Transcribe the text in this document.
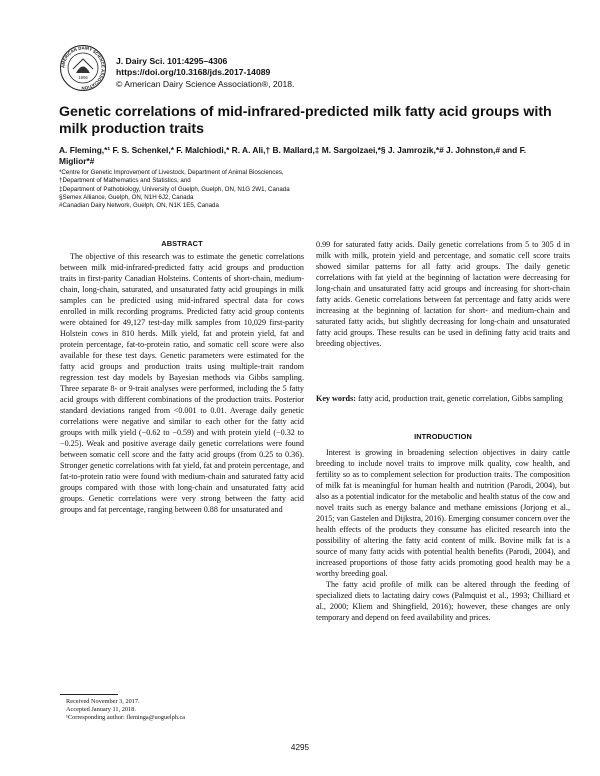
AMERICAN DAIRY SCIENCE ASSOCIATION
1906
J. Dairy Sci. 101:4295–4306
https://doi.org/10.3168/jds.2017-14089
© American Dairy Science Association®, 2018.
Genetic correlations of mid-infrared-predicted milk fatty acid groups with milk production traits
A. Fleming,*¹ F. S. Schenkel,* F. Malchiodi,* R. A. Ali,† B. Mallard,‡ M. Sargolzaei,*§ J. Jamrozik,*# J. Johnston,# and F. Miglior*#
*Centre for Genetic Improvement of Livestock, Department of Animal Biosciences,
†Department of Mathematics and Statistics, and
‡Department of Pathobiology, University of Guelph, Guelph, ON, N1G 2W1, Canada
§Semex Alliance, Guelph, ON, N1H 6J2, Canada
#Canadian Dairy Network, Guelph, ON, N1K 1E5, Canada
ABSTRACT

The objective of this research was to estimate the genetic correlations between milk mid-infrared-predicted fatty acid groups and production traits in first-parity Canadian Holsteins. Contents of short-chain, medium-chain, long-chain, saturated, and unsaturated fatty acid groupings in milk samples can be predicted using mid-infrared spectral data for cows enrolled in milk recording programs. Predicted fatty acid group contents were obtained for 49,127 test-day milk samples from 10,029 first-parity Holstein cows in 810 herds. Milk yield, fat and protein yield, fat and protein percentage, fat-to-protein ratio, and somatic cell score were also available for these test days. Genetic parameters were estimated for the fatty acid groups and production traits using multiple-trait random regression test day models by Bayesian methods via Gibbs sampling. Three separate 8- or 9-trait analyses were performed, including the 5 fatty acid groups with different combinations of the production traits. Posterior standard deviations ranged from <0.001 to 0.01. Average daily genetic correlations were negative and similar to each other for the fatty acid groups with milk yield (−0.62 to −0.59) and with protein yield (−0.32 to −0.25). Weak and positive average daily genetic correlations were found between somatic cell score and the fatty acid groups (from 0.25 to 0.36). Stronger genetic correlations with fat yield, fat and protein percentage, and fat-to-protein ratio were found with medium-chain and saturated fatty acid groups compared with those with long-chain and unsaturated fatty acid groups. Genetic correlations were very strong between the fatty acid groups and fat percentage, ranging between 0.88 for unsaturated and

0.99 for saturated fatty acids. Daily genetic correlations from 5 to 305 d in milk with milk, protein yield and percentage, and somatic cell score traits showed similar patterns for all fatty acid groups. The daily genetic correlations with fat yield at the beginning of lactation were decreasing for long-chain and unsaturated fatty acid groups and increasing for short-chain fatty acids. Genetic correlations between fat percentage and fatty acids were increasing at the beginning of lactation for short- and medium-chain and saturated fatty acids, but slightly decreasing for long-chain and unsaturated fatty acid groups. These results can be used in defining fatty acid traits and breeding objectives.

Key words: fatty acid, production trait, genetic correlation, Gibbs sampling
INTRODUCTION

Interest is growing in broadening selection objectives in dairy cattle breeding to include novel traits to improve milk quality, cow health, and fertility so as to complement selection for production traits. The composition of milk fat is meaningful for human health and nutrition (Parodi, 2004), but also as a potential indicator for the metabolic and health status of the cow and novel traits such as energy balance and methane emissions (Jorjong et al., 2015; van Gastelen and Dijkstra, 2016). Emerging consumer concern over the health effects of the products they consume has elicited research into the possibility of altering the fatty acid content of milk. Bovine milk fat is a source of many fatty acids with potential health benefits (Parodi, 2004), and increased proportions of those fatty acids promoting good health may be a worthy breeding goal.

The fatty acid profile of milk can be altered through the feeding of specialized diets to lactating dairy cows (Palmquist et al., 1993; Chilliard et al., 2000; Kliem and Shingfield, 2016); however, these changes are only temporary and depend on feed availability and prices.

Received November 3, 2017.
Accepted January 11, 2018.
¹Corresponding author: flemingа@uoguelph.ca
4295
